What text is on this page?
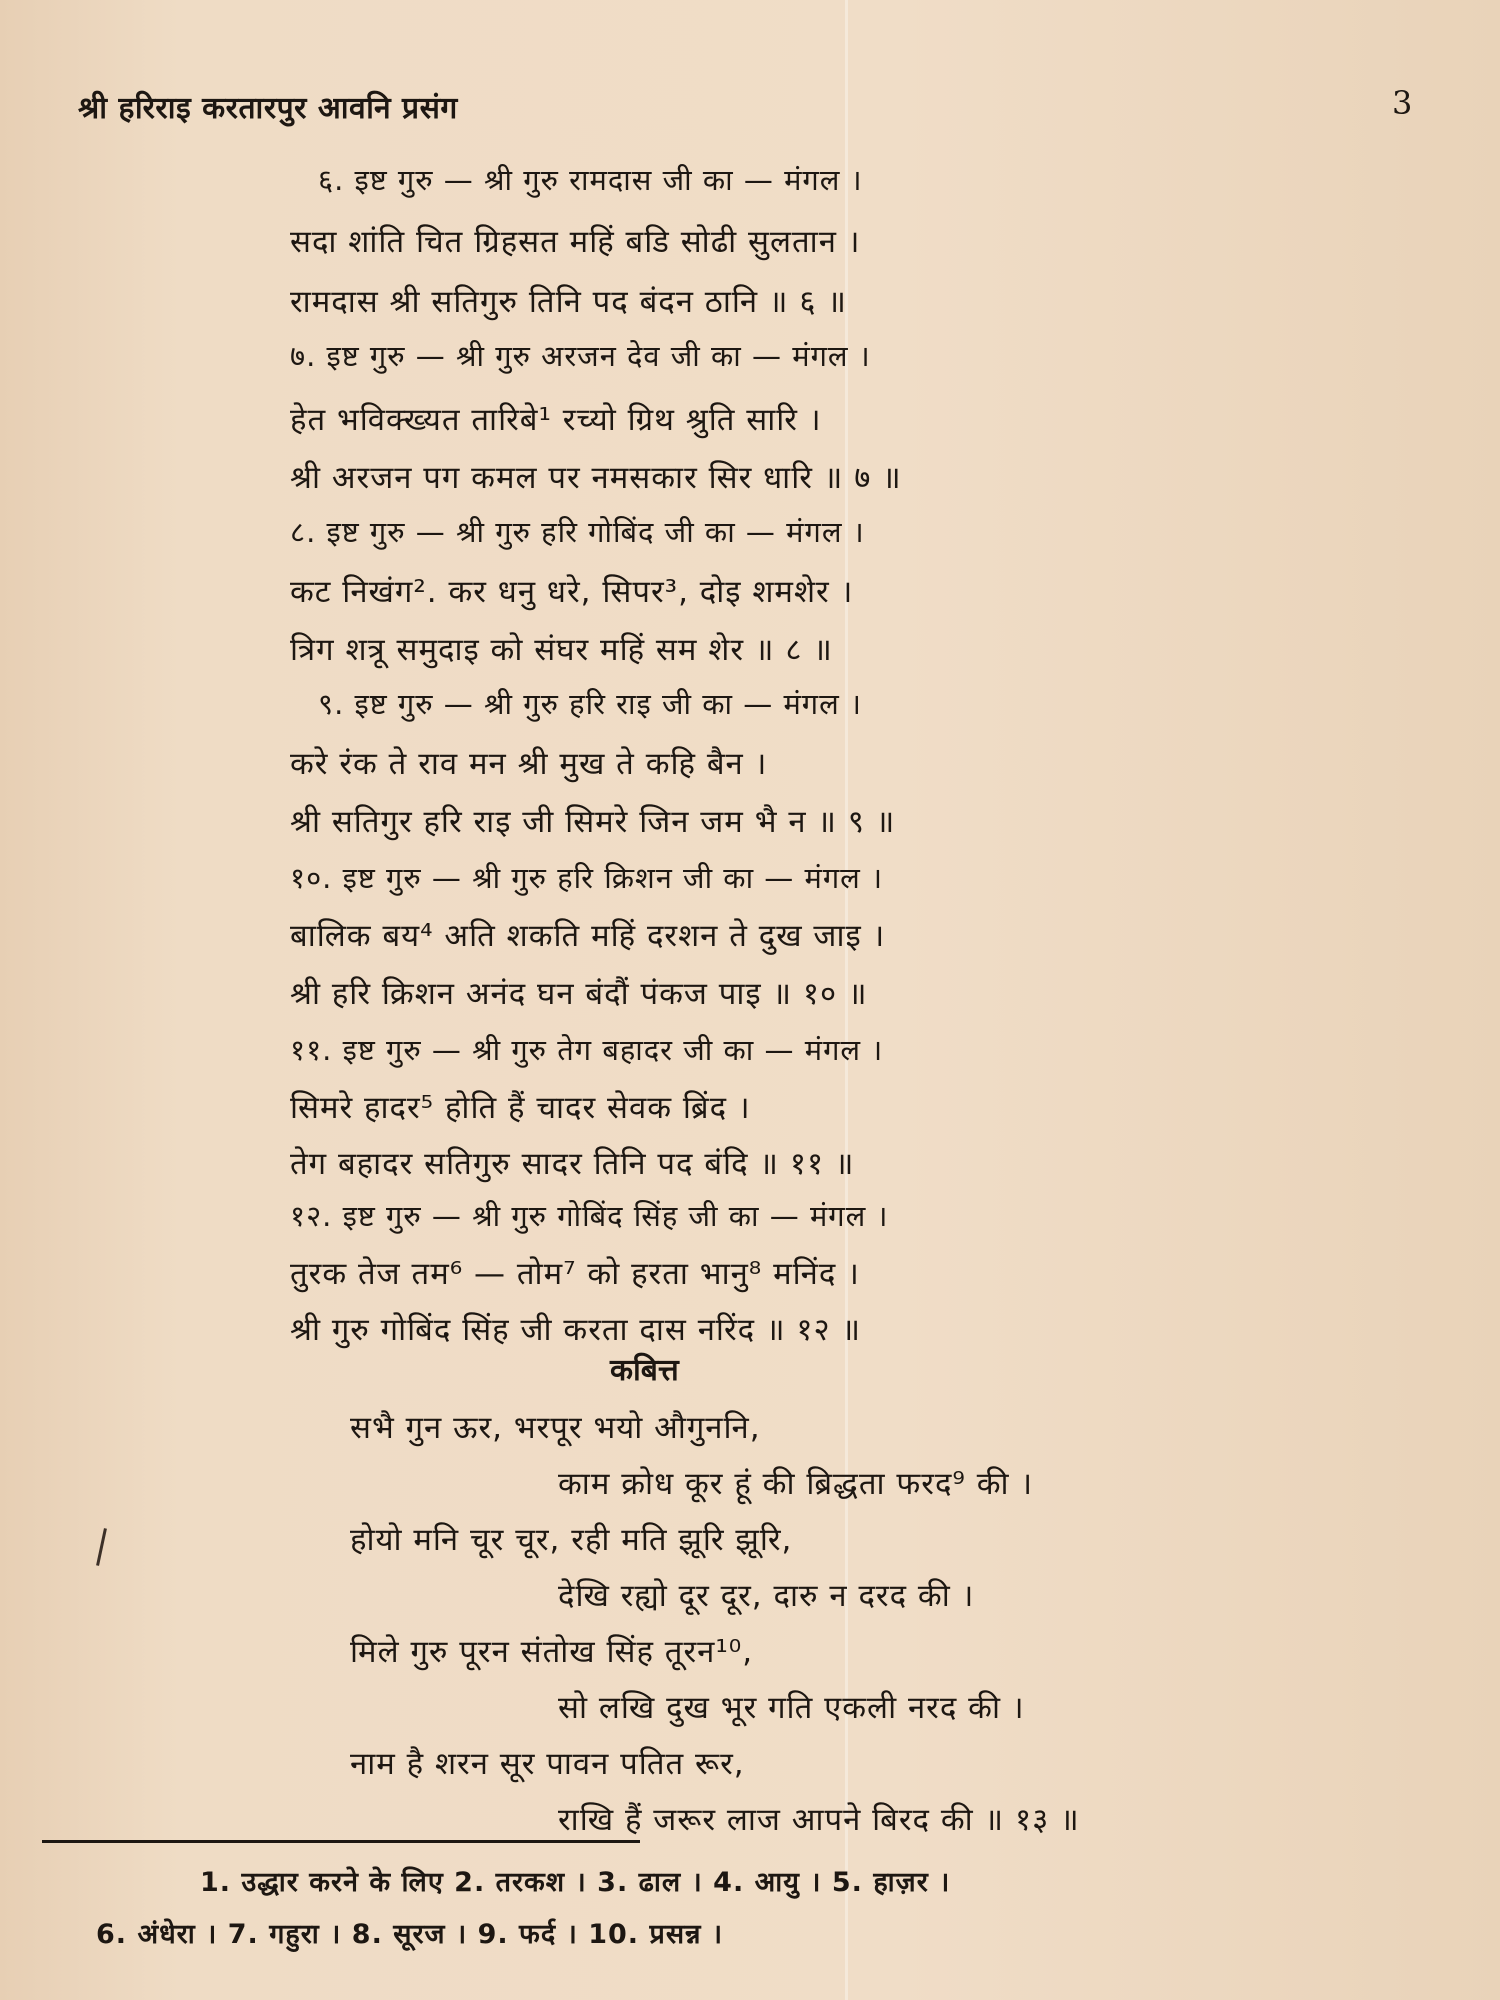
श्री हरिराइ करतारपुर आवनि प्रसंग	3
६. इष्ट गुरु — श्री गुरु रामदास जी का — मंगल ।
सदा शांति चित ग्रिहसत महिं बडि सोढी सुलतान ।
रामदास श्री सतिगुरु तिनि पद बंदन ठानि ॥ ६ ॥
७. इष्ट गुरु — श्री गुरु अरजन देव जी का — मंगल ।
हेत भविक्ख्यत तारिबे¹ रच्यो ग्रिथ श्रुति सारि ।
श्री अरजन पग कमल पर नमसकार सिर धारि ॥ ७ ॥
८. इष्ट गुरु — श्री गुरु हरि गोबिंद जी का — मंगल ।
कट निखंग². कर धनु धरे, सिपर³, दोइ शमशेर ।
त्रिग शत्रू समुदाइ को संघर महिं सम शेर ॥ ८ ॥
९. इष्ट गुरु — श्री गुरु हरि राइ जी का — मंगल ।
करे रंक ते राव मन श्री मुख ते कहि बैन ।
श्री सतिगुर हरि राइ जी सिमरे जिन जम भै न ॥ ९ ॥
१०. इष्ट गुरु — श्री गुरु हरि क्रिशन जी का — मंगल ।
बालिक बय⁴ अति शकति महिं दरशन ते दुख जाइ ।
श्री हरि क्रिशन अनंद घन बंदौं पंकज पाइ ॥ १० ॥
११. इष्ट गुरु — श्री गुरु तेग बहादर जी का — मंगल ।
सिमरे हादर⁵ होति हैं चादर सेवक ब्रिंद ।
तेग बहादर सतिगुरु सादर तिनि पद बंदि ॥ ११ ॥
१२. इष्ट गुरु — श्री गुरु गोबिंद सिंह जी का — मंगल ।
तुरक तेज तम⁶ — तोम⁷ को हरता भानु⁸ मनिंद ।
श्री गुरु गोबिंद सिंह जी करता दास नरिंद ॥ १२ ॥
कबित्त
सभै गुन ऊर, भरपूर भयो औगुननि,
काम क्रोध कूर हूं की ब्रिद्धता फरद⁹ की ।
होयो मनि चूर चूर, रही मति झूरि झूरि,
देखि रह्यो दूर दूर, दारु न दरद की ।
मिले गुरु पूरन संतोख सिंह तूरन¹⁰,
सो लखि दुख भूर गति एकली नरद की ।
नाम है शरन सूर पावन पतित रूर,
राखि हैं जरूर लाज आपने बिरद की ॥ १३ ॥
1. उद्धार करने के लिए 2. तरकश । 3. ढाल । 4. आयु । 5. हाज़र ।
6. अंधेरा । 7. गहुरा । 8. सूरज । 9. फर्द । 10. प्रसन्न ।
